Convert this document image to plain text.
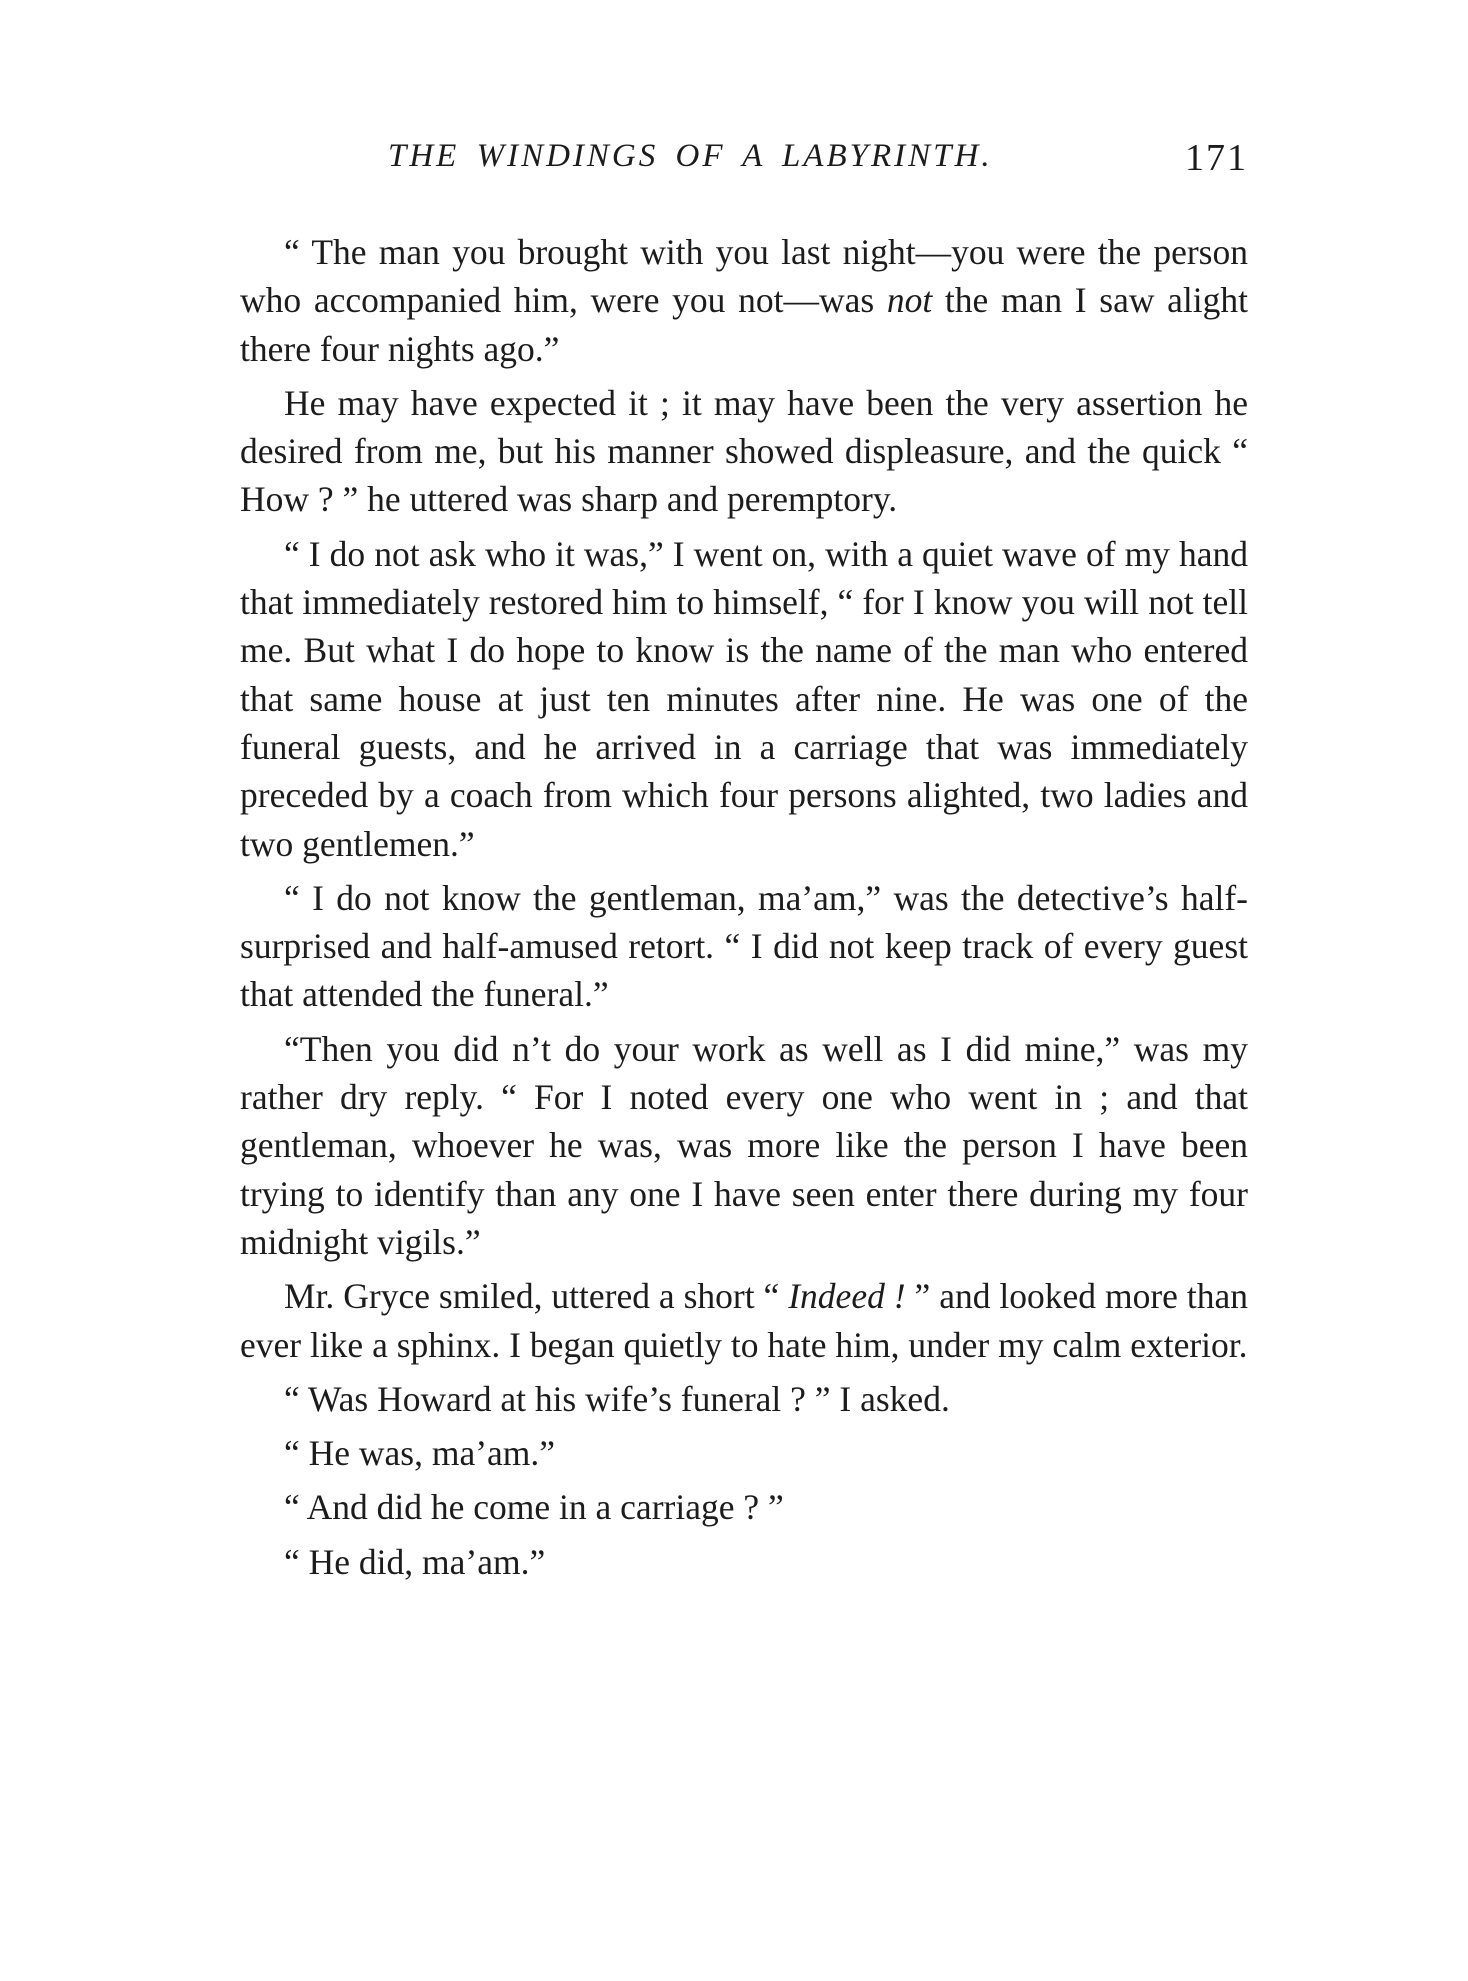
THE WINDINGS OF A LABYRINTH.	171

“ The man you brought with you last night—you were the person who accompanied him, were you not—was not the man I saw alight there four nights ago.”

He may have expected it ; it may have been the very assertion he desired from me, but his manner showed displeasure, and the quick “ How ? ” he uttered was sharp and peremptory.

“ I do not ask who it was,” I went on, with a quiet wave of my hand that immediately restored him to himself, “ for I know you will not tell me. But what I do hope to know is the name of the man who entered that same house at just ten minutes after nine. He was one of the funeral guests, and he arrived in a carriage that was immediately preceded by a coach from which four persons alighted, two ladies and two gentlemen.”

“ I do not know the gentleman, ma’am,” was the detective’s half-surprised and half-amused retort. “ I did not keep track of every guest that attended the funeral.”

“Then you did n’t do your work as well as I did mine,” was my rather dry reply. “ For I noted every one who went in ; and that gentleman, whoever he was, was more like the person I have been trying to identify than any one I have seen enter there during my four midnight vigils.”

Mr. Gryce smiled, uttered a short “ Indeed ! ” and looked more than ever like a sphinx. I began quietly to hate him, under my calm exterior.

“ Was Howard at his wife’s funeral ? ” I asked.

“ He was, ma’am.”

“ And did he come in a carriage ? ”

“ He did, ma’am.”
